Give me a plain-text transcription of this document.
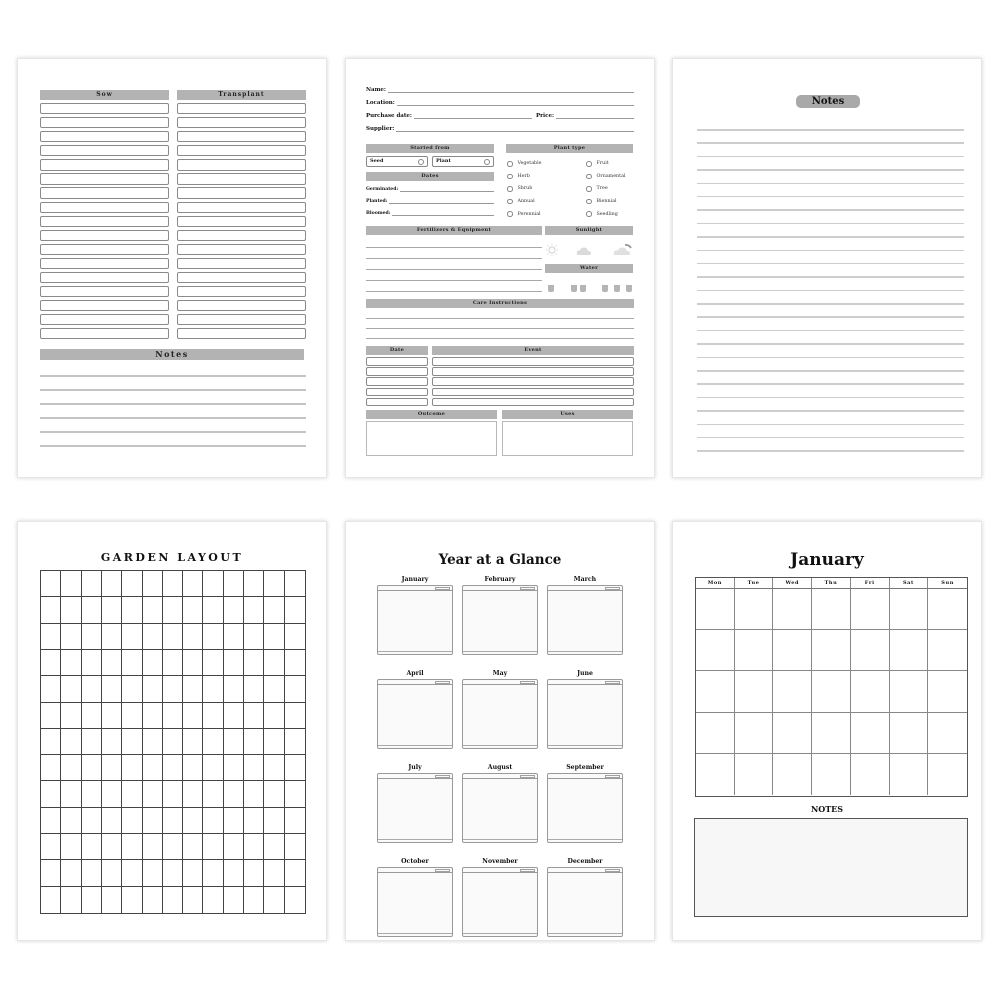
Sow	Transplant
Notes
Name:
Location:
Purchase date:	Price:
Supplier:
Started from
Seed	Plant
Dates
Germinated:
Planted:
Bloomed:
Plant type
Vegetable
Herb
Shrub
Annual
Perennial
Fruit
Ornamental
Tree
Biennial
Seedling
Fertilizers & Equipment	Sunlight
Water
Care Instructions
Date	Event
Outcome	Uses
Notes
GARDEN LAYOUT	Year at a Glance
January	February	March
April	May	June
July	August	September
October	November	December
January
Mon	Tue	Wed	Thu	Fri	Sat	Sun
NOTES
